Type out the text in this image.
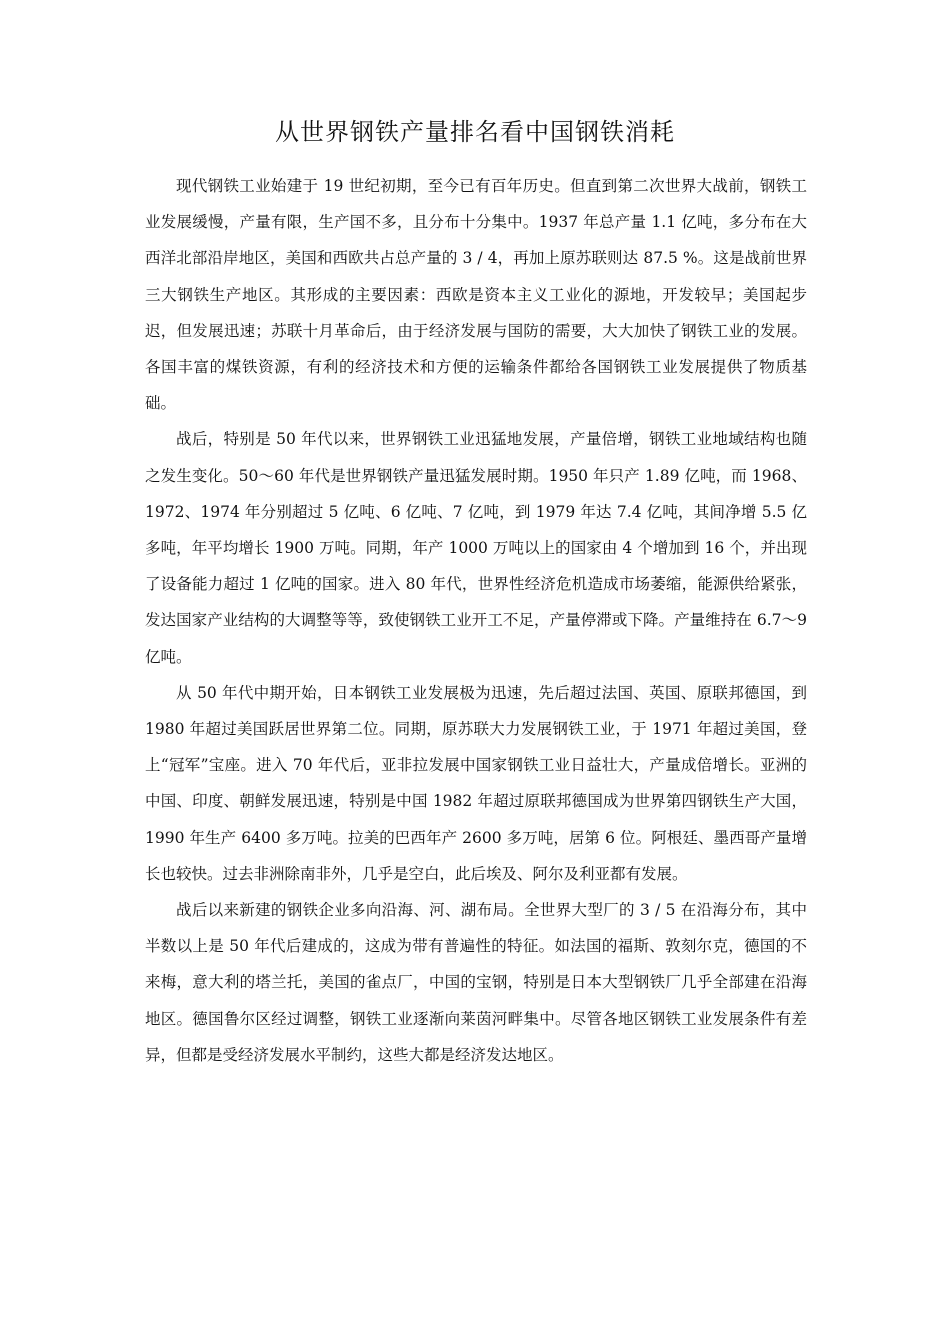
从世界钢铁产量排名看中国钢铁消耗

现代钢铁工业始建于 19 世纪初期，至今已有百年历史。但直到第二次世界大战前，钢铁工业发展缓慢，产量有限，生产国不多，且分布十分集中。1937 年总产量 1.1 亿吨，多分布在大西洋北部沿岸地区，美国和西欧共占总产量的 3 / 4，再加上原苏联则达 87.5 %。这是战前世界三大钢铁生产地区。其形成的主要因素：西欧是资本主义工业化的源地，开发较早；美国起步迟，但发展迅速；苏联十月革命后，由于经济发展与国防的需要，大大加快了钢铁工业的发展。各国丰富的煤铁资源，有利的经济技术和方便的运输条件都给各国钢铁工业发展提供了物质基础。

战后，特别是 50 年代以来，世界钢铁工业迅猛地发展，产量倍增，钢铁工业地域结构也随之发生变化。50～60 年代是世界钢铁产量迅猛发展时期。1950 年只产 1.89 亿吨，而 1968、1972、1974 年分别超过 5 亿吨、6 亿吨、7 亿吨，到 1979 年达 7.4 亿吨，其间净增 5.5 亿多吨，年平均增长 1900 万吨。同期，年产 1000 万吨以上的国家由 4 个增加到 16 个，并出现了设备能力超过 1 亿吨的国家。进入 80 年代，世界性经济危机造成市场萎缩，能源供给紧张，发达国家产业结构的大调整等等，致使钢铁工业开工不足，产量停滞或下降。产量维持在 6.7～9 亿吨。

从 50 年代中期开始，日本钢铁工业发展极为迅速，先后超过法国、英国、原联邦德国，到 1980 年超过美国跃居世界第二位。同期，原苏联大力发展钢铁工业，于 1971 年超过美国，登上“冠军”宝座。进入 70 年代后，亚非拉发展中国家钢铁工业日益壮大，产量成倍增长。亚洲的中国、印度、朝鲜发展迅速，特别是中国 1982 年超过原联邦德国成为世界第四钢铁生产大国，1990 年生产 6400 多万吨。拉美的巴西年产 2600 多万吨，居第 6 位。阿根廷、墨西哥产量增长也较快。过去非洲除南非外，几乎是空白，此后埃及、阿尔及利亚都有发展。

战后以来新建的钢铁企业多向沿海、河、湖布局。全世界大型厂的 3 / 5 在沿海分布，其中半数以上是 50 年代后建成的，这成为带有普遍性的特征。如法国的福斯、敦刻尔克，德国的不来梅，意大利的塔兰托，美国的雀点厂，中国的宝钢，特别是日本大型钢铁厂几乎全部建在沿海地区。德国鲁尔区经过调整，钢铁工业逐渐向莱茵河畔集中。尽管各地区钢铁工业发展条件有差异，但都是受经济发展水平制约，这些大都是经济发达地区。
